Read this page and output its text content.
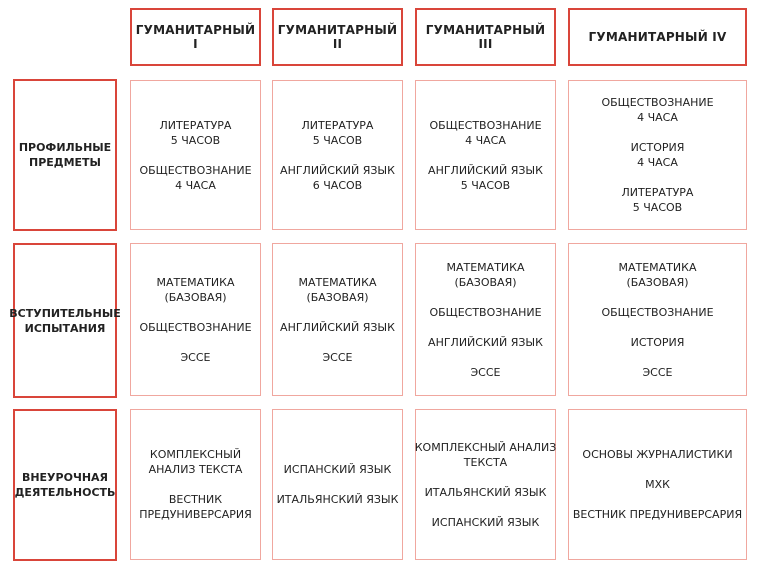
ГУМАНИТАРНЫЙ I
ГУМАНИТАРНЫЙ II
ГУМАНИТАРНЫЙ III	ГУМАНИТАРНЫЙ IV
ПРОФИЛЬНЫЕ
ПРЕДМЕТЫ
ЛИТЕРАТУРА
5 ЧАСОВ
ОБЩЕСТВОЗНАНИЕ
4 ЧАСА
ЛИТЕРАТУРА
5 ЧАСОВ
АНГЛИЙСКИЙ ЯЗЫК
6 ЧАСОВ
ОБЩЕСТВОЗНАНИЕ
4 ЧАСА
АНГЛИЙСКИЙ ЯЗЫК
5 ЧАСОВ
ОБЩЕСТВОЗНАНИЕ
4 ЧАСА
ИСТОРИЯ
4 ЧАСА
ЛИТЕРАТУРА
5 ЧАСОВ
ВСТУПИТЕЛЬНЫЕ
ИСПЫТАНИЯ
МАТЕМАТИКА
(БАЗОВАЯ)
ОБЩЕСТВОЗНАНИЕ
ЭССЕ
МАТЕМАТИКА
(БАЗОВАЯ)
АНГЛИЙСКИЙ ЯЗЫК
ЭССЕ
МАТЕМАТИКА
(БАЗОВАЯ)
ОБЩЕСТВОЗНАНИЕ
АНГЛИЙСКИЙ ЯЗЫК
ЭССЕ
МАТЕМАТИКА
(БАЗОВАЯ)
ОБЩЕСТВОЗНАНИЕ
ИСТОРИЯ
ЭССЕ
ВНЕУРОЧНАЯ
ДЕЯТЕЛЬНОСТЬ
КОМПЛЕКСНЫЙ
АНАЛИЗ ТЕКСТА
ВЕСТНИК
ПРЕДУНИВЕРСАРИЯ
ИСПАНСКИЙ ЯЗЫК
ИТАЛЬЯНСКИЙ ЯЗЫК
КОМПЛЕКСНЫЙ АНАЛИЗ
ТЕКСТА
ИТАЛЬЯНСКИЙ ЯЗЫК
ИСПАНСКИЙ ЯЗЫК
ОСНОВЫ ЖУРНАЛИСТИКИ
МХК
ВЕСТНИК ПРЕДУНИВЕРСАРИЯ
